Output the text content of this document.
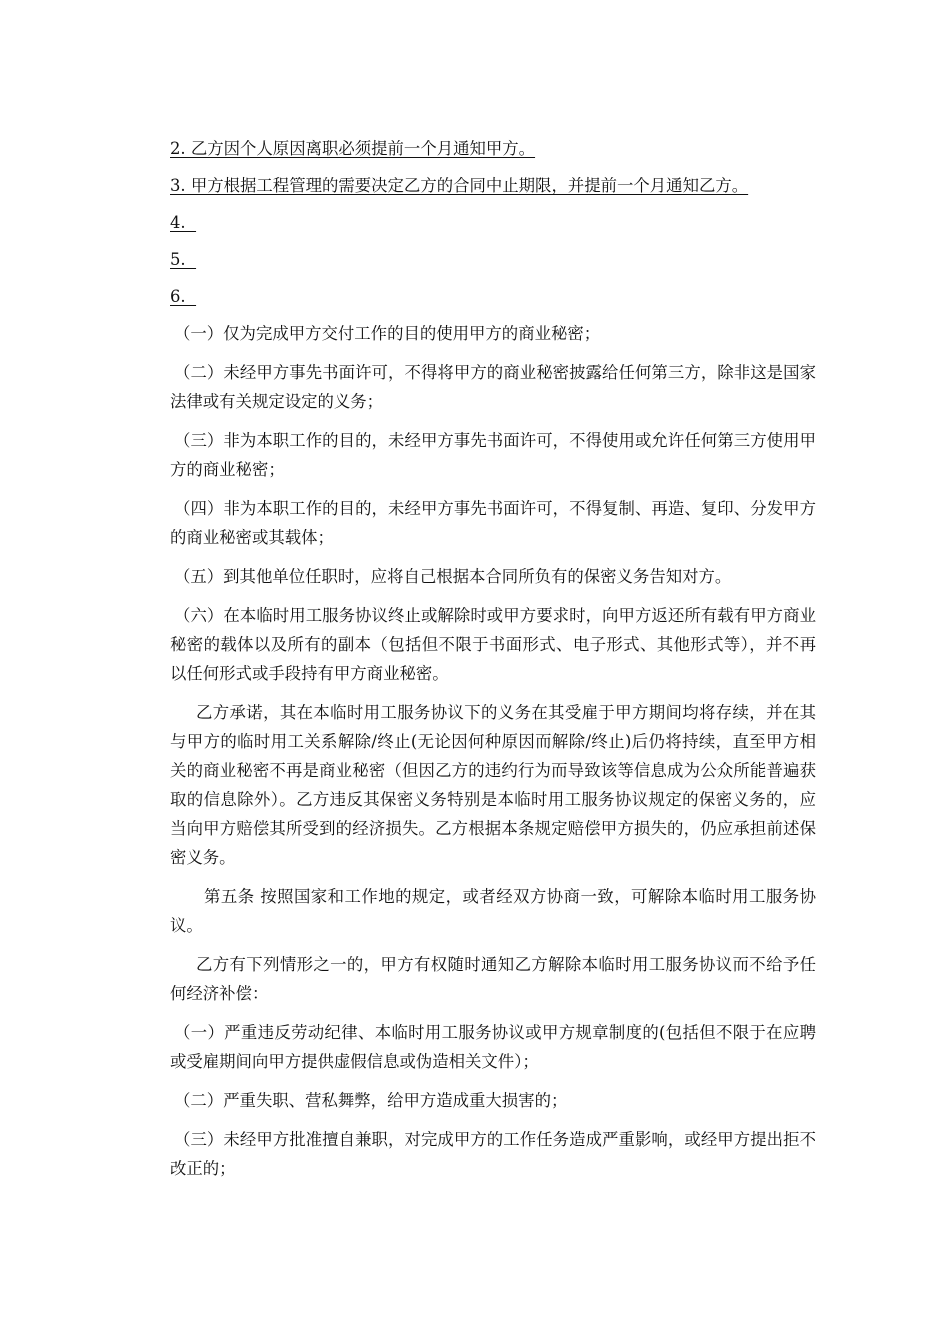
2. 乙方因个人原因离职必须提前一个月通知甲方。

3. 甲方根据工程管理的需要决定乙方的合同中止期限，并提前一个月通知乙方。

4.

5.

6.

（一）仅为完成甲方交付工作的目的使用甲方的商业秘密；

（二）未经甲方事先书面许可，不得将甲方的商业秘密披露给任何第三方，除非这是国家法律或有关规定设定的义务；

（三）非为本职工作的目的，未经甲方事先书面许可，不得使用或允许任何第三方使用甲方的商业秘密；

（四）非为本职工作的目的，未经甲方事先书面许可，不得复制、再造、复印、分发甲方的商业秘密或其载体；

（五）到其他单位任职时，应将自己根据本合同所负有的保密义务告知对方。

（六）在本临时用工服务协议终止或解除时或甲方要求时，向甲方返还所有载有甲方商业秘密的载体以及所有的副本（包括但不限于书面形式、电子形式、其他形式等），并不再以任何形式或手段持有甲方商业秘密。

乙方承诺，其在本临时用工服务协议下的义务在其受雇于甲方期间均将存续，并在其与甲方的临时用工关系解除/终止(无论因何种原因而解除/终止)后仍将持续，直至甲方相关的商业秘密不再是商业秘密（但因乙方的违约行为而导致该等信息成为公众所能普遍获取的信息除外）。乙方违反其保密义务特别是本临时用工服务协议规定的保密义务的，应当向甲方赔偿其所受到的经济损失。乙方根据本条规定赔偿甲方损失的，仍应承担前述保密义务。

第五条 按照国家和工作地的规定，或者经双方协商一致，可解除本临时用工服务协议。

乙方有下列情形之一的，甲方有权随时通知乙方解除本临时用工服务协议而不给予任何经济补偿：

（一）严重违反劳动纪律、本临时用工服务协议或甲方规章制度的(包括但不限于在应聘或受雇期间向甲方提供虚假信息或伪造相关文件）；

（二）严重失职、营私舞弊，给甲方造成重大损害的；

（三）未经甲方批准擅自兼职，对完成甲方的工作任务造成严重影响，或经甲方提出拒不改正的；
